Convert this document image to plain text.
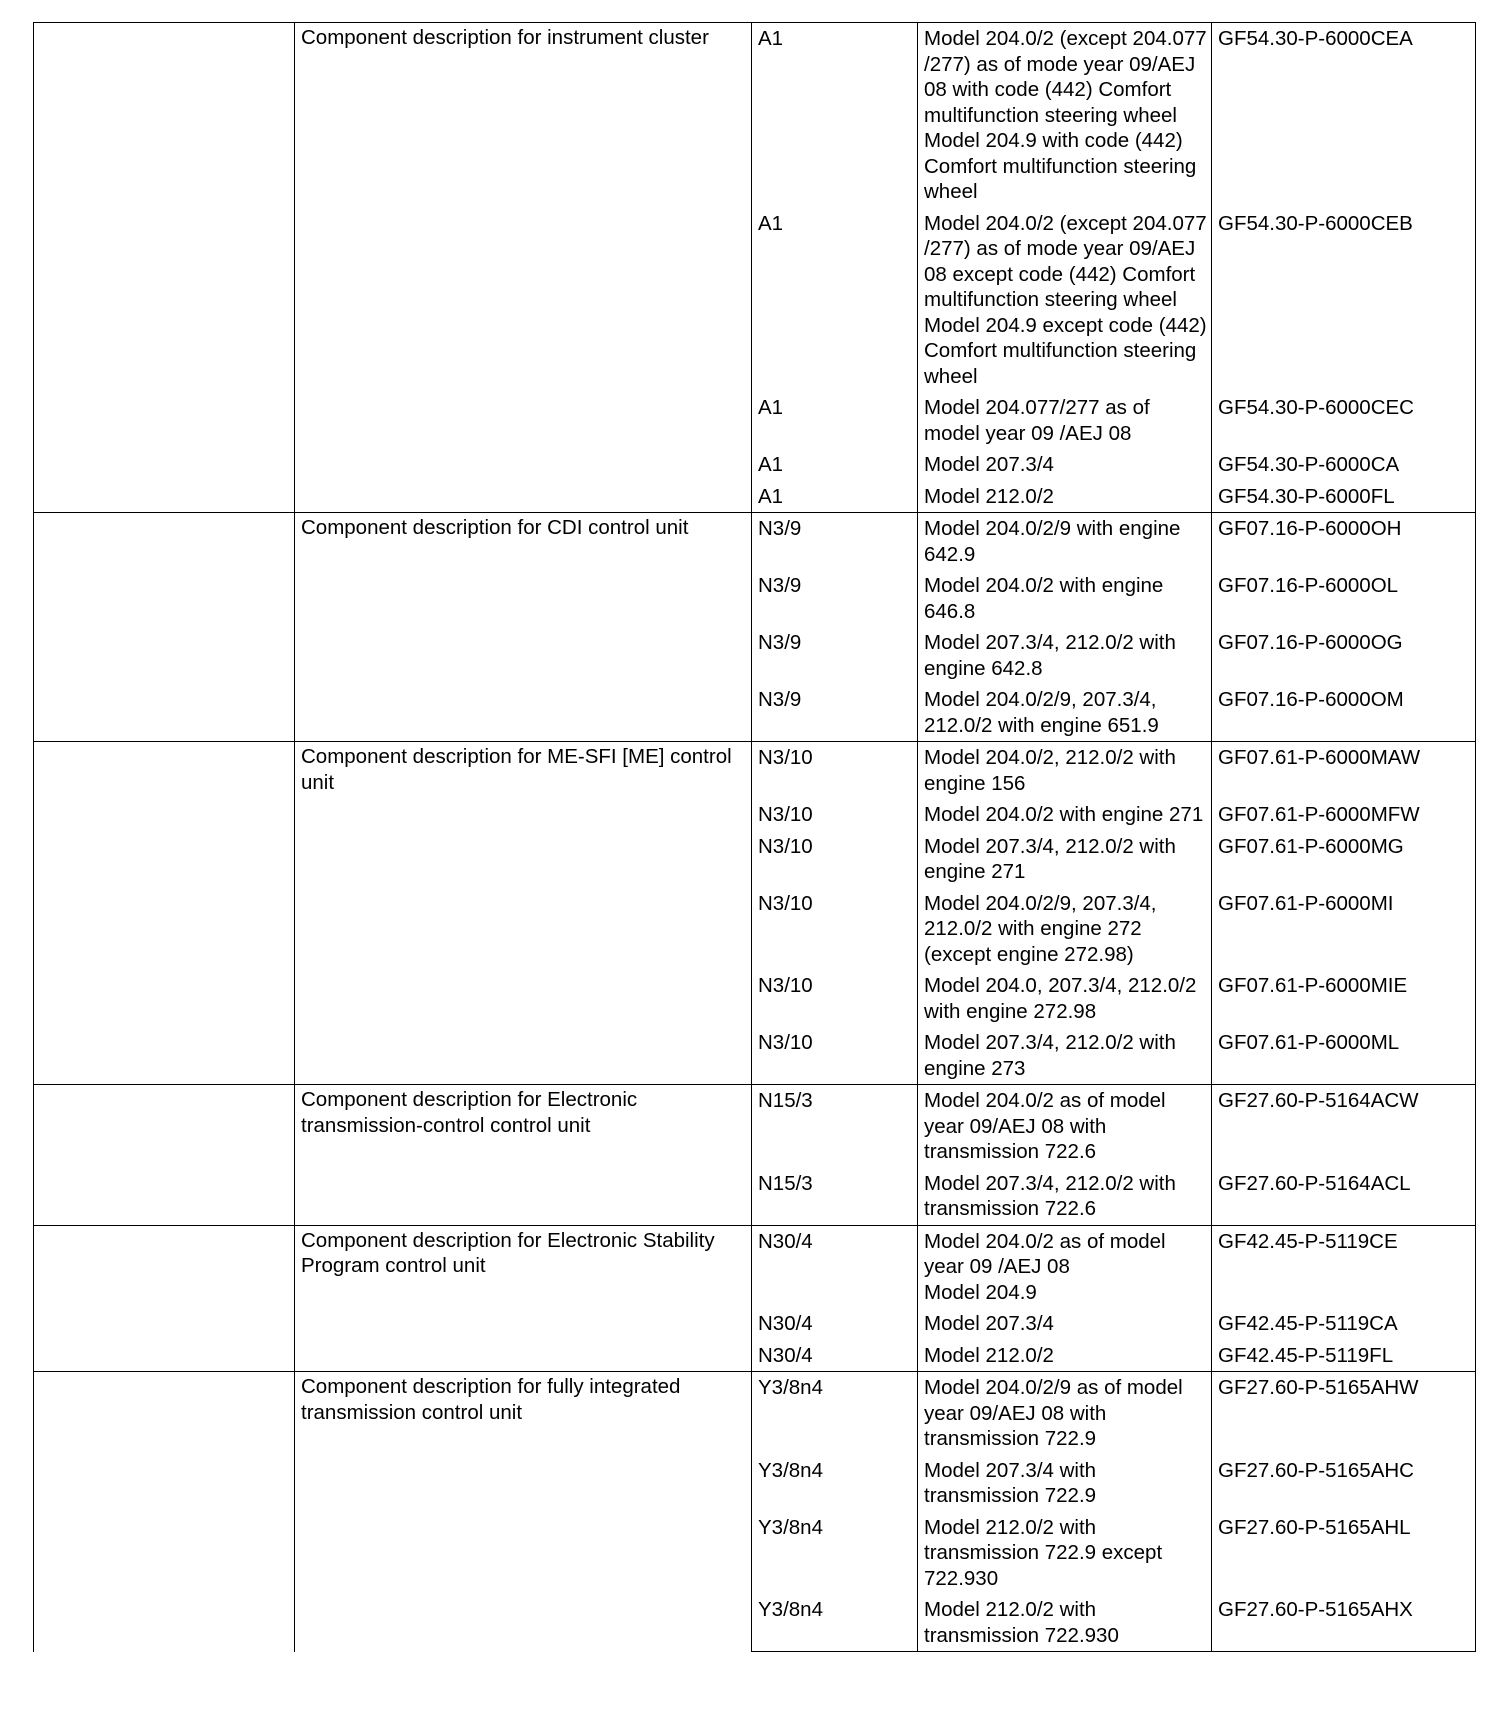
	Component description for instrument cluster	A1	Model 204.0/2 (except 204.077 /277) as of mode year 09/AEJ 08 with code (442) Comfort multifunction steering wheel
Model 204.9 with code (442) Comfort multifunction steering wheel	GF54.30-P-6000CEA
		A1	Model 204.0/2 (except 204.077 /277) as of mode year 09/AEJ 08 except code (442) Comfort multifunction steering wheel
Model 204.9 except code (442) Comfort multifunction steering wheel	GF54.30-P-6000CEB
		A1	Model 204.077/277 as of model year 09 /AEJ 08	GF54.30-P-6000CEC
		A1	Model 207.3/4	GF54.30-P-6000CA
		A1	Model 212.0/2	GF54.30-P-6000FL
	Component description for CDI control unit	N3/9	Model 204.0/2/9 with engine 642.9	GF07.16-P-6000OH
		N3/9	Model 204.0/2 with engine 646.8	GF07.16-P-6000OL
		N3/9	Model 207.3/4, 212.0/2 with engine 642.8	GF07.16-P-6000OG
		N3/9	Model 204.0/2/9, 207.3/4, 212.0/2 with engine 651.9	GF07.16-P-6000OM
	Component description for ME-SFI [ME] control unit	N3/10	Model 204.0/2, 212.0/2 with engine 156	GF07.61-P-6000MAW
		N3/10	Model 204.0/2 with engine 271	GF07.61-P-6000MFW
		N3/10	Model 207.3/4, 212.0/2 with engine 271	GF07.61-P-6000MG
		N3/10	Model 204.0/2/9, 207.3/4, 212.0/2 with engine 272 (except engine 272.98)	GF07.61-P-6000MI
		N3/10	Model 204.0, 207.3/4, 212.0/2 with engine 272.98	GF07.61-P-6000MIE
		N3/10	Model 207.3/4, 212.0/2 with engine 273	GF07.61-P-6000ML
	Component description for Electronic transmission-control control unit	N15/3	Model 204.0/2 as of model year 09/AEJ 08 with transmission 722.6	GF27.60-P-5164ACW
		N15/3	Model 207.3/4, 212.0/2 with transmission 722.6	GF27.60-P-5164ACL
	Component description for Electronic Stability Program control unit	N30/4	Model 204.0/2 as of model year 09 /AEJ 08
Model 204.9	GF42.45-P-5119CE
		N30/4	Model 207.3/4	GF42.45-P-5119CA
		N30/4	Model 212.0/2	GF42.45-P-5119FL
	Component description for fully integrated transmission control unit	Y3/8n4	Model 204.0/2/9 as of model year 09/AEJ 08 with transmission 722.9	GF27.60-P-5165AHW
		Y3/8n4	Model 207.3/4 with transmission 722.9	GF27.60-P-5165AHC
		Y3/8n4	Model 212.0/2 with transmission 722.9 except 722.930	GF27.60-P-5165AHL
		Y3/8n4	Model 212.0/2 with transmission 722.930	GF27.60-P-5165AHX
